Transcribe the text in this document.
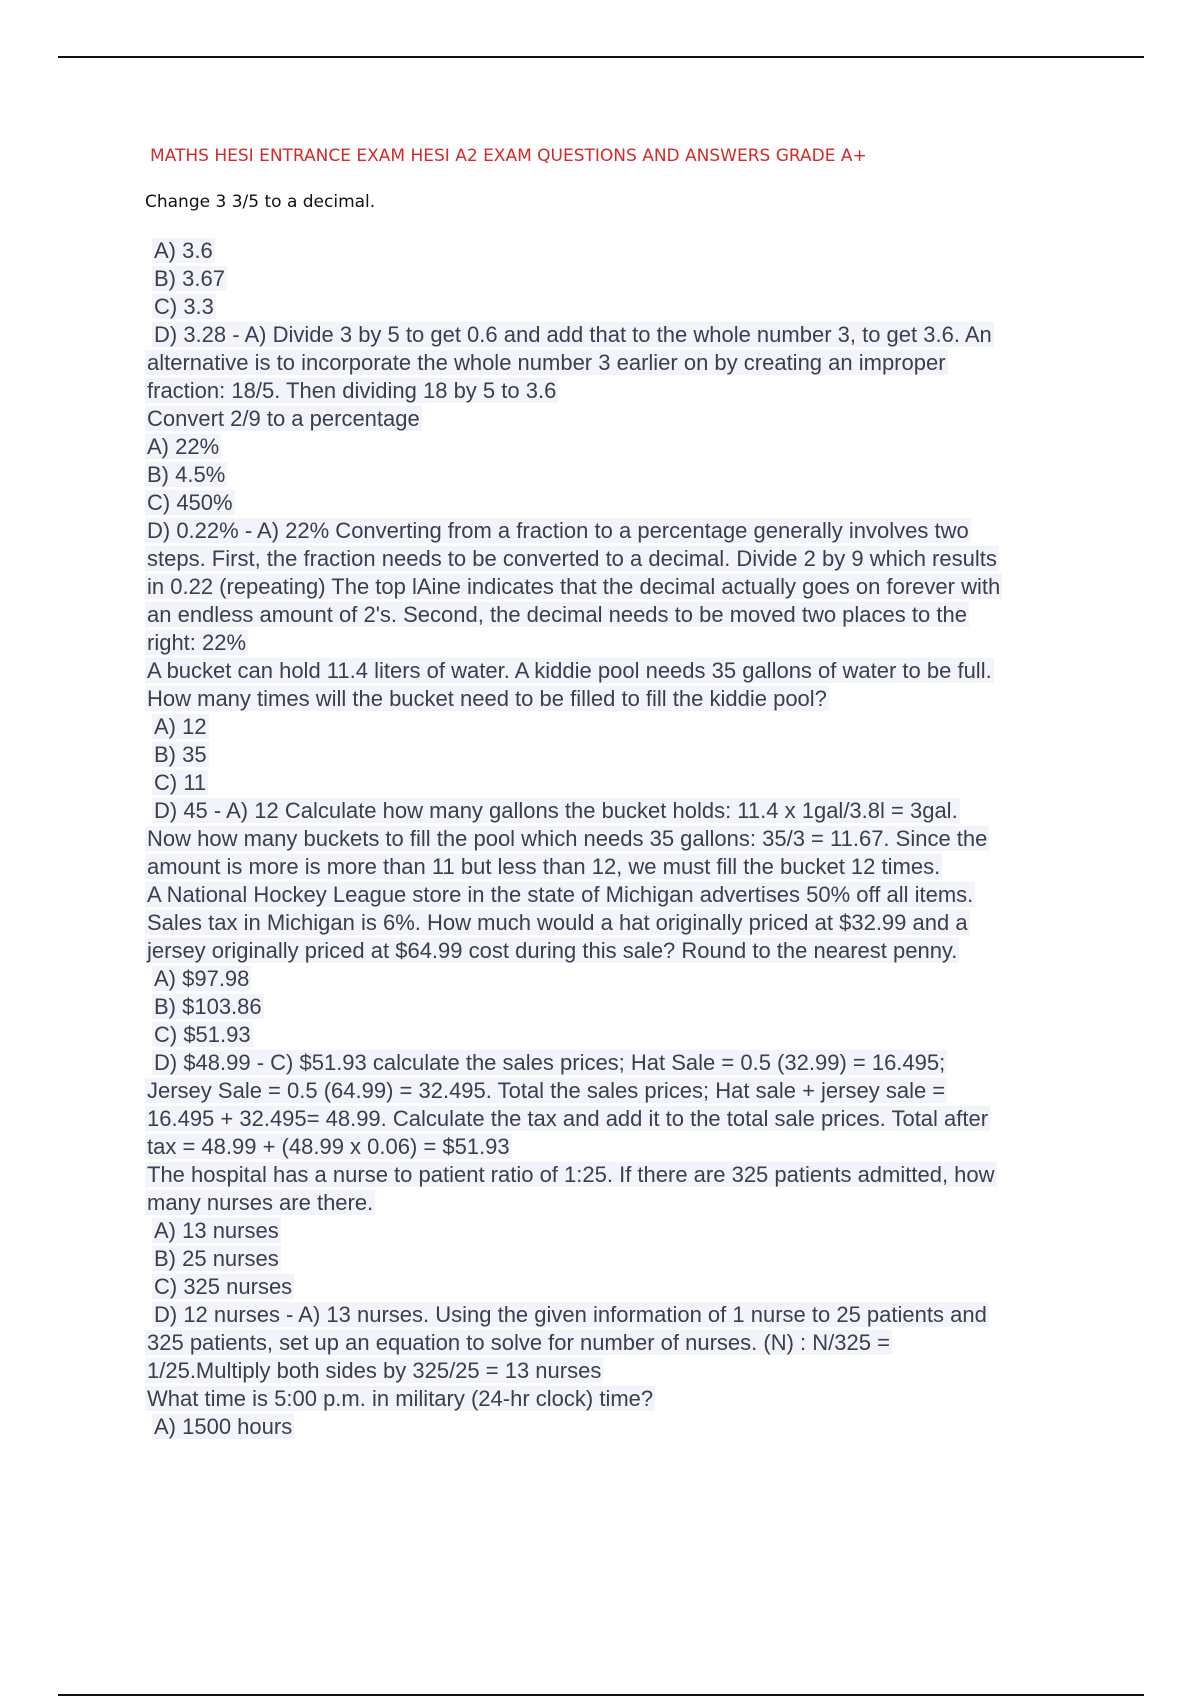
MATHS HESI ENTRANCE EXAM HESI A2 EXAM QUESTIONS AND ANSWERS GRADE A+
Change 3 3/5 to a decimal.
A) 3.6
B) 3.67
C) 3.3
D) 3.28 - A) Divide 3 by 5 to get 0.6 and add that to the whole number 3, to get 3.6. An
alternative is to incorporate the whole number 3 earlier on by creating an improper
fraction: 18/5. Then dividing 18 by 5 to 3.6
Convert 2/9 to a percentage
A) 22%
B) 4.5%
C) 450%
D) 0.22% - A) 22% Converting from a fraction to a percentage generally involves two
steps. First, the fraction needs to be converted to a decimal. Divide 2 by 9 which results
in 0.22 (repeating) The top lAine indicates that the decimal actually goes on forever with
an endless amount of 2's. Second, the decimal needs to be moved two places to the
right: 22%
A bucket can hold 11.4 liters of water. A kiddie pool needs 35 gallons of water to be full.
How many times will the bucket need to be filled to fill the kiddie pool?
A) 12
B) 35
C) 11
D) 45 - A) 12 Calculate how many gallons the bucket holds: 11.4 x 1gal/3.8l = 3gal.
Now how many buckets to fill the pool which needs 35 gallons: 35/3 = 11.67. Since the
amount is more is more than 11 but less than 12, we must fill the bucket 12 times.
A National Hockey League store in the state of Michigan advertises 50% off all items.
Sales tax in Michigan is 6%. How much would a hat originally priced at $32.99 and a
jersey originally priced at $64.99 cost during this sale? Round to the nearest penny.
A) $97.98
B) $103.86
C) $51.93
D) $48.99 - C) $51.93 calculate the sales prices; Hat Sale = 0.5 (32.99) = 16.495;
Jersey Sale = 0.5 (64.99) = 32.495. Total the sales prices; Hat sale + jersey sale =
16.495 + 32.495= 48.99. Calculate the tax and add it to the total sale prices. Total after
tax = 48.99 + (48.99 x 0.06) = $51.93
The hospital has a nurse to patient ratio of 1:25. If there are 325 patients admitted, how
many nurses are there.
A) 13 nurses
B) 25 nurses
C) 325 nurses
D) 12 nurses - A) 13 nurses. Using the given information of 1 nurse to 25 patients and
325 patients, set up an equation to solve for number of nurses. (N) : N/325 =
1/25.Multiply both sides by 325/25 = 13 nurses
What time is 5:00 p.m. in military (24-hr clock) time?
A) 1500 hours
